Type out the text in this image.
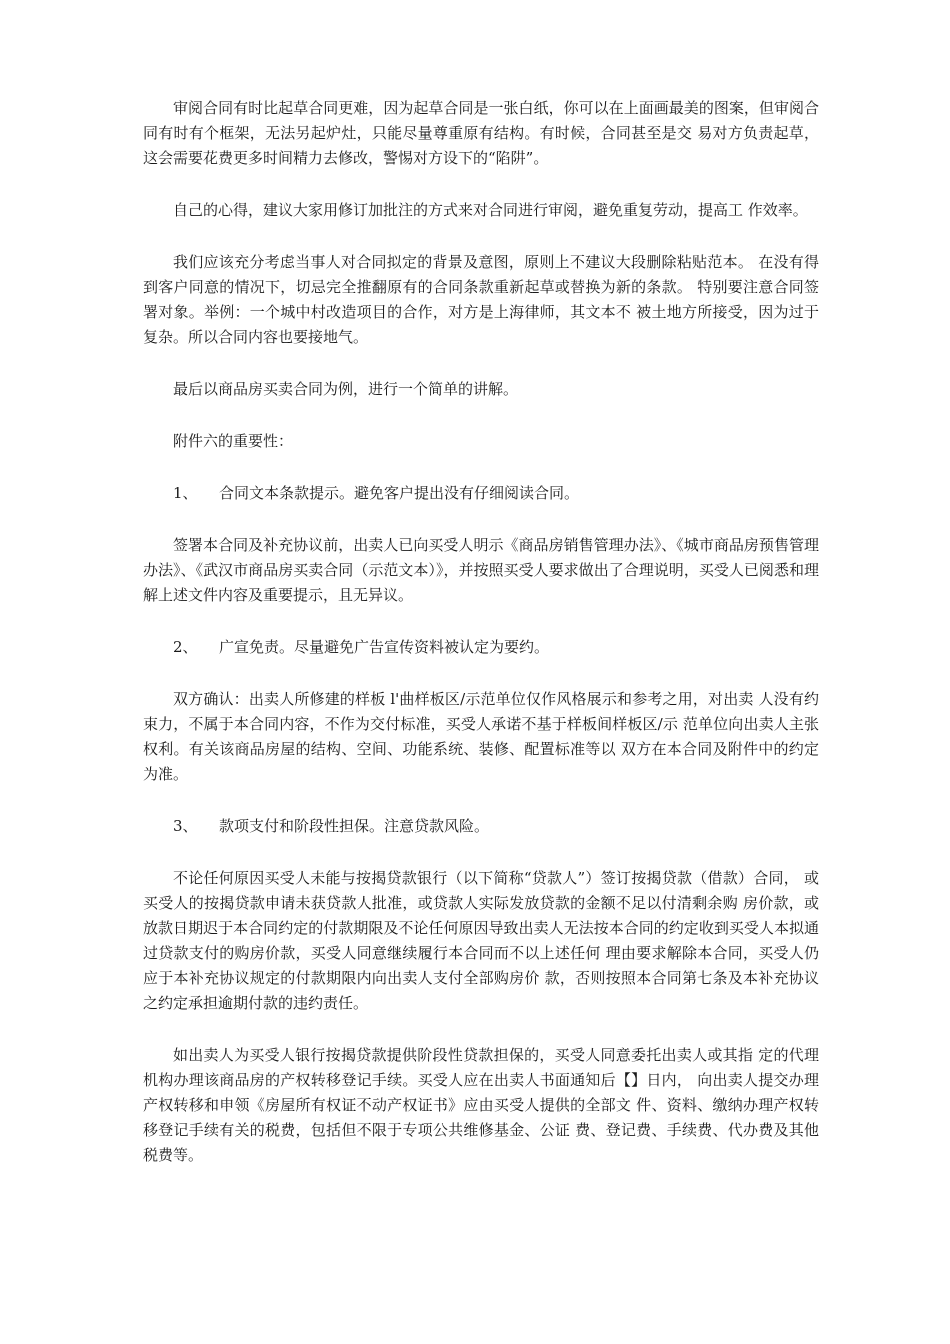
审阅合同有时比起草合同更难，因为起草合同是一张白纸，你可以在上面画最美的图案，但审阅合同有时有个框架，无法另起炉灶，只能尽量尊重原有结构。有时候，合同甚至是交 易对方负责起草，这会需要花费更多时间精力去修改，警惕对方设下的“陷阱”。

自己的心得，建议大家用修订加批注的方式来对合同进行审阅，避免重复劳动，提高工 作效率。

我们应该充分考虑当事人对合同拟定的背景及意图，原则上不建议大段删除粘贴范本。 在没有得到客户同意的情况下，切忌完全推翻原有的合同条款重新起草或替换为新的条款。 特别要注意合同签署对象。举例：一个城中村改造项目的合作，对方是上海律师，其文本不 被土地方所接受，因为过于复杂。所以合同内容也要接地气。

最后以商品房买卖合同为例，进行一个简单的讲解。

附件六的重要性：

1、	合同文本条款提示。避免客户提出没有仔细阅读合同。

签署本合同及补充协议前，出卖人已向买受人明示《商品房销售管理办法》、《城市商品房预售管理办法》、《武汉市商品房买卖合同（示范文本）》，并按照买受人要求做出了合理说明，买受人已阅悉和理解上述文件内容及重要提示，且无异议。

2、	广宣免责。尽量避免广告宣传资料被认定为要约。

双方确认：出卖人所修建的样板 l'曲样板区/示范单位仅作风格展示和参考之用，对出卖 人没有约束力，不属于本合同内容，不作为交付标准，买受人承诺不基于样板间样板区/示 范单位向出卖人主张权利。有关该商品房屋的结构、空间、功能系统、装修、配置标准等以 双方在本合同及附件中的约定为准。

3、	款项支付和阶段性担保。注意贷款风险。

不论任何原因买受人未能与按揭贷款银行（以下简称“贷款人”）签订按揭贷款（借款）合同， 或买受人的按揭贷款申请未获贷款人批准，或贷款人实际发放贷款的金额不足以付清剩余购 房价款，或放款日期迟于本合同约定的付款期限及不论任何原因导致出卖人无法按本合同的约定收到买受人本拟通过贷款支付的购房价款，买受人同意继续履行本合同而不以上述任何 理由要求解除本合同，买受人仍应于本补充协议规定的付款期限内向出卖人支付全部购房价 款，否则按照本合同第七条及本补充协议之约定承担逾期付款的违约责任。

如出卖人为买受人银行按揭贷款提供阶段性贷款担保的，买受人同意委托出卖人或其指 定的代理机构办理该商品房的产权转移登记手续。买受人应在出卖人书面通知后【】日内， 向出卖人提交办理产权转移和申领《房屋所有权证不动产权证书》应由买受人提供的全部文 件、资料、缴纳办理产权转移登记手续有关的税费，包括但不限于专项公共维修基金、公证 费、登记费、手续费、代办费及其他税费等。
